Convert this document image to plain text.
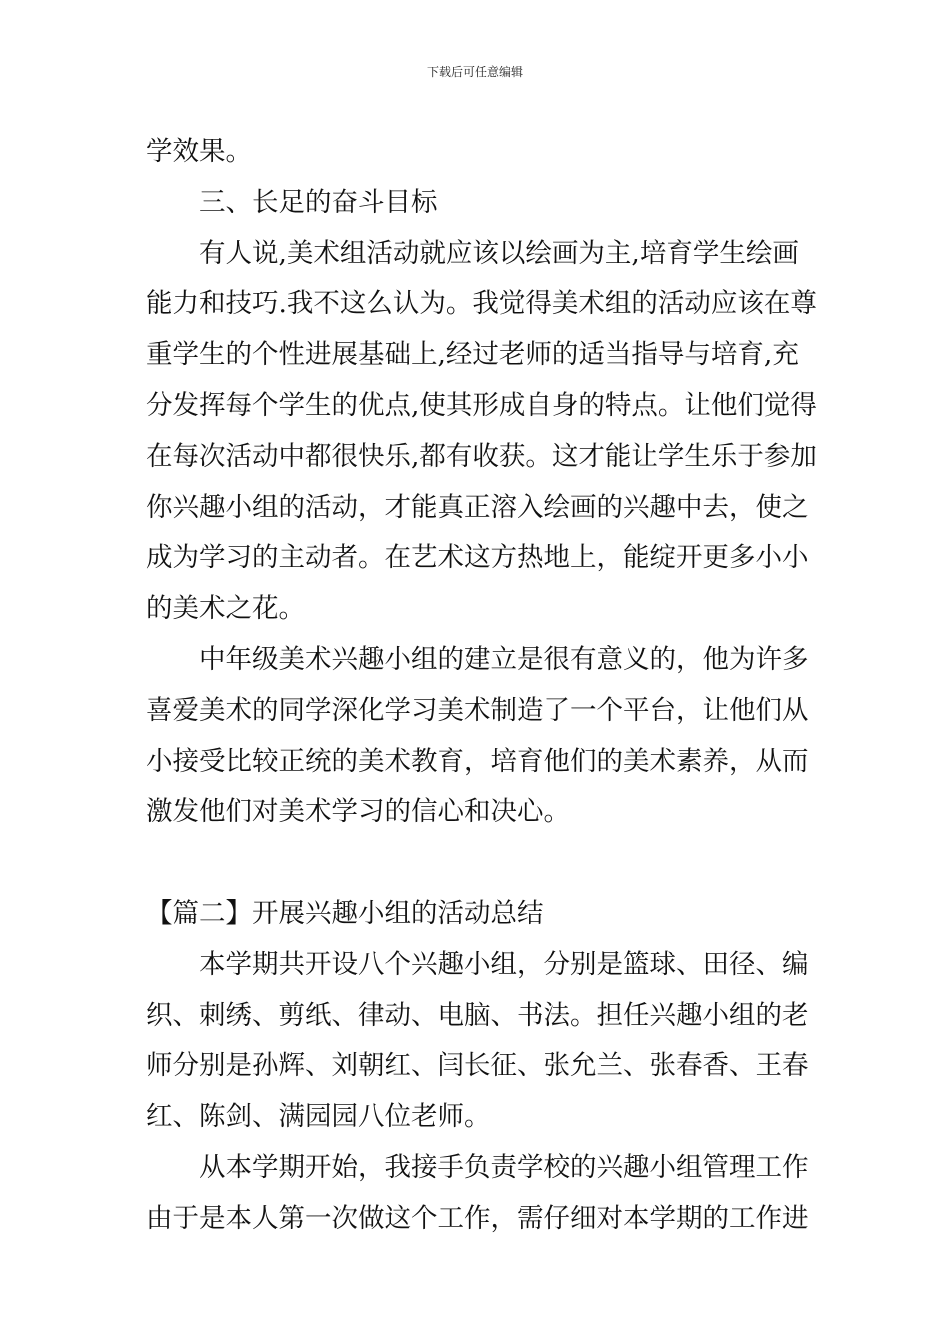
下载后可任意编辑
学效果。
三、长足的奋斗目标
有人说,美术组活动就应该以绘画为主,培育学生绘画
能力和技巧.我不这么认为。我觉得美术组的活动应该在尊
重学生的个性进展基础上,经过老师的适当指导与培育,充
分发挥每个学生的优点,使其形成自身的特点。让他们觉得
在每次活动中都很快乐,都有收获。这才能让学生乐于参加
你兴趣小组的活动，才能真正溶入绘画的兴趣中去，使之
成为学习的主动者。在艺术这方热地上，能绽开更多小小
的美术之花。
中年级美术兴趣小组的建立是很有意义的，他为许多
喜爱美术的同学深化学习美术制造了一个平台，让他们从
小接受比较正统的美术教育，培育他们的美术素养，从而
激发他们对美术学习的信心和决心。
【篇二】开展兴趣小组的活动总结
本学期共开设八个兴趣小组，分别是篮球、田径、编
织、刺绣、剪纸、律动、电脑、书法。担任兴趣小组的老
师分别是孙辉、刘朝红、闫长征、张允兰、张春香、王春
红、陈剑、满园园八位老师。
从本学期开始，我接手负责学校的兴趣小组管理工作
由于是本人第一次做这个工作，需仔细对本学期的工作进
